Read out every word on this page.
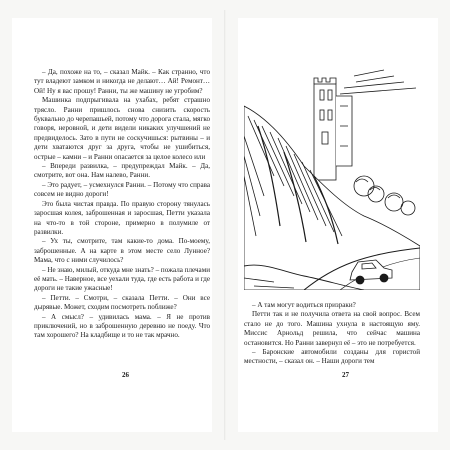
– Да, похоже на то, – сказал Майк. – Как странно, что тут владеют замком и никогда не делают… Ай! Ремонт… Ой! Ну я вас прошу! Ранни, ты же машину не угробим?

Машинка подпрыгивала на ухабах, ребят страшно трясло. Ранни пришлось снова снизить скорость буквально до черепашьей, потому что дорога стала, мягко говоря, неровной, и дети видели никаких улучшений не предвиделось. Зато в пути не соскучишься: рытвины – и дети хватаются друг за друга, чтобы не ушибиться, острые – камни – и Ранни опасается за целое колесо или

– Впереди развилка, – предупреждал Майк. – Да, смотрите, вот она. Нам налево, Ранни.

– Это радует, – усмехнулся Ранни. – Потому что справа совсем не видно дороги!

Это была чистая правда. По правую сторону тянулась заросшая колея, заброшенная и заросшая, Петти указала на что-то в той стороне, примерно в полумиле от развилки.

– Ух ты, смотрите, там какие-то дома. По-моему, заброшенные. А на карте в этом месте село Лунное? Мама, что с ними случилось?

– Не знаю, милый, откуда мне знать? – пожала плечами её мать. – Наверное, все уехали туда, где есть работа и где дороги не такие ужасные!

– Петти. – Смотри, – сказала Петти. – Они все дырявые. Может, сходим посмотреть поближе?

– А смысл? – удивилась мама. – Я не против приключений, но в заброшенную деревню не поеду. Что там хорошего? На кладбище и то не так мрачно.

26

– А там могут водиться призраки?

Петти так и не получила ответа на свой вопрос. Всем стало не до того. Машина ухнула в настоящую яму. Миссис Арнольд решила, что сейчас машина остановится. Но Ранни завернул её – это не потребуется.

– Баронские автомобили созданы для гористой местности, – сказал он. – Наши дороги тем

27
